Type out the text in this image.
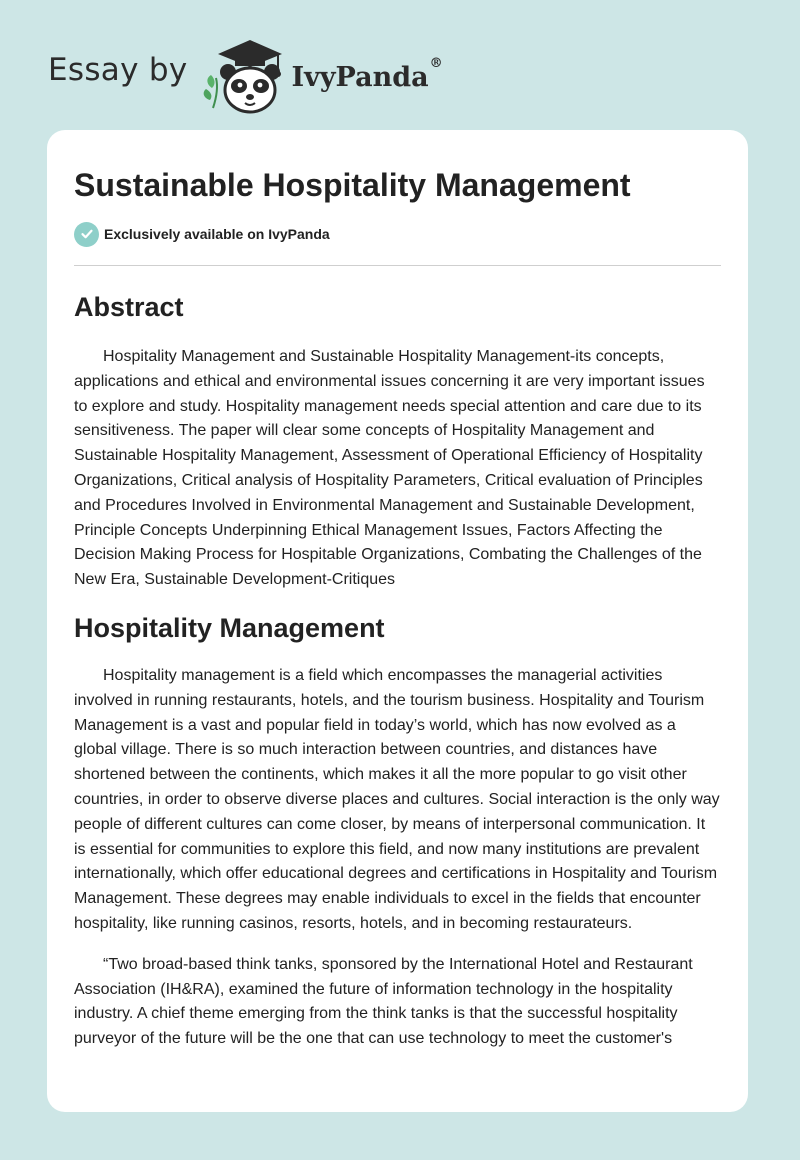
Essay by	IvyPanda®
Sustainable Hospitality Management
Exclusively available on IvyPanda
Abstract

Hospitality Management and Sustainable Hospitality Management-its concepts, applications and ethical and environmental issues concerning it are very important issues to explore and study. Hospitality management needs special attention and care due to its sensitiveness. The paper will clear some concepts of Hospitality Management and Sustainable Hospitality Management, Assessment of Operational Efficiency of Hospitality Organizations, Critical analysis of Hospitality Parameters, Critical evaluation of Principles and Procedures Involved in Environmental Management and Sustainable Development, Principle Concepts Underpinning Ethical Management Issues, Factors Affecting the Decision Making Process for Hospitable Organizations, Combating the Challenges of the New Era, Sustainable Development-Critiques

Hospitality Management

Hospitality management is a field which encompasses the managerial activities involved in running restaurants, hotels, and the tourism business. Hospitality and Tourism Management is a vast and popular field in today’s world, which has now evolved as a global village. There is so much interaction between countries, and distances have shortened between the continents, which makes it all the more popular to go visit other countries, in order to observe diverse places and cultures. Social interaction is the only way people of different cultures can come closer, by means of interpersonal communication. It is essential for communities to explore this field, and now many institutions are prevalent internationally, which offer educational degrees and certifications in Hospitality and Tourism Management. These degrees may enable individuals to excel in the fields that encounter hospitality, like running casinos, resorts, hotels, and in becoming restaurateurs.

“Two broad-based think tanks, sponsored by the International Hotel and Restaurant Association (IH&RA), examined the future of information technology in the hospitality industry. A chief theme emerging from the think tanks is that the successful hospitality purveyor of the future will be the one that can use technology to meet the customer's
